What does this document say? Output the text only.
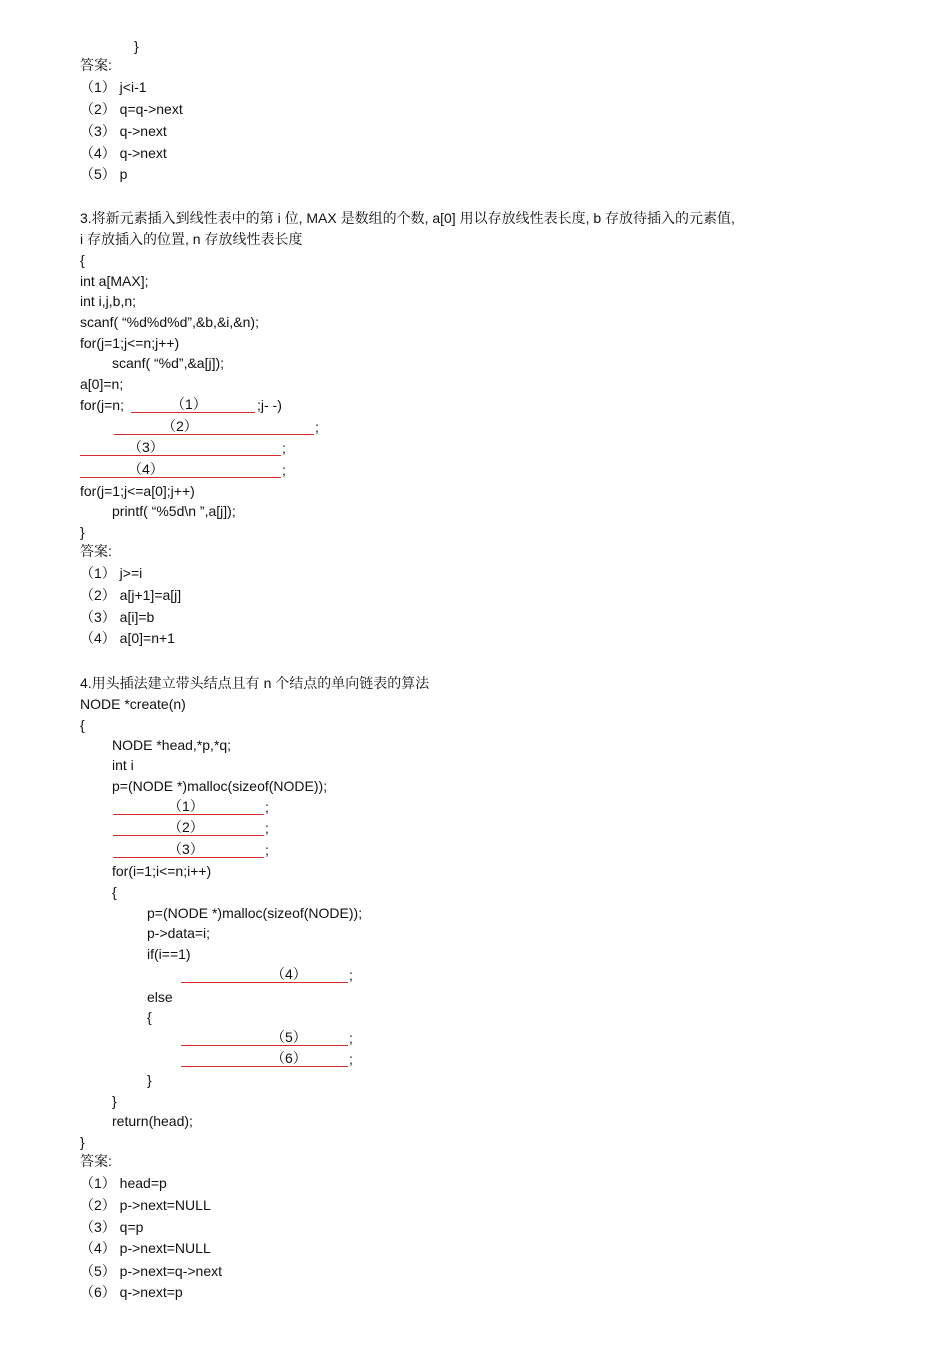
}
答案:
（1） j<i-1
（2） q=q->next
（3） q->next
（4） q->next
（5） p
3.将新元素插入到线性表中的第 i 位, MAX 是数组的个数, a[0] 用以存放线性表长度, b 存放待插入的元素值,
i 存放插入的位置, n 存放线性表长度
{
int a[MAX];
int i,j,b,n;
scanf( “%d%d%d”,&b,&i,&n);
for(j=1;j<=n;j++)
scanf( “%d”,&a[j]);
a[0]=n;
for(j=n;	（1）	;j- -)
（2）	;
（3）	;
（4）	;
for(j=1;j<=a[0];j++)
printf( “%5d\n ”,a[j]);
}
答案:
（1） j>=i
（2） a[j+1]=a[j]
（3） a[i]=b
（4） a[0]=n+1
4.用头插法建立带头结点且有 n 个结点的单向链表的算法
NODE *create(n)
{
NODE *head,*p,*q;
int i
p=(NODE *)malloc(sizeof(NODE));
（1）	;
（2）	;
（3）	;
for(i=1;i<=n;i++)
{
p=(NODE *)malloc(sizeof(NODE));
p->data=i;
if(i==1)
（4）	;
else
{
（5）	;
（6）	;
}
}
return(head);
}
答案:
（1） head=p
（2） p->next=NULL
（3） q=p
（4） p->next=NULL
（5） p->next=q->next
（6） q->next=p
